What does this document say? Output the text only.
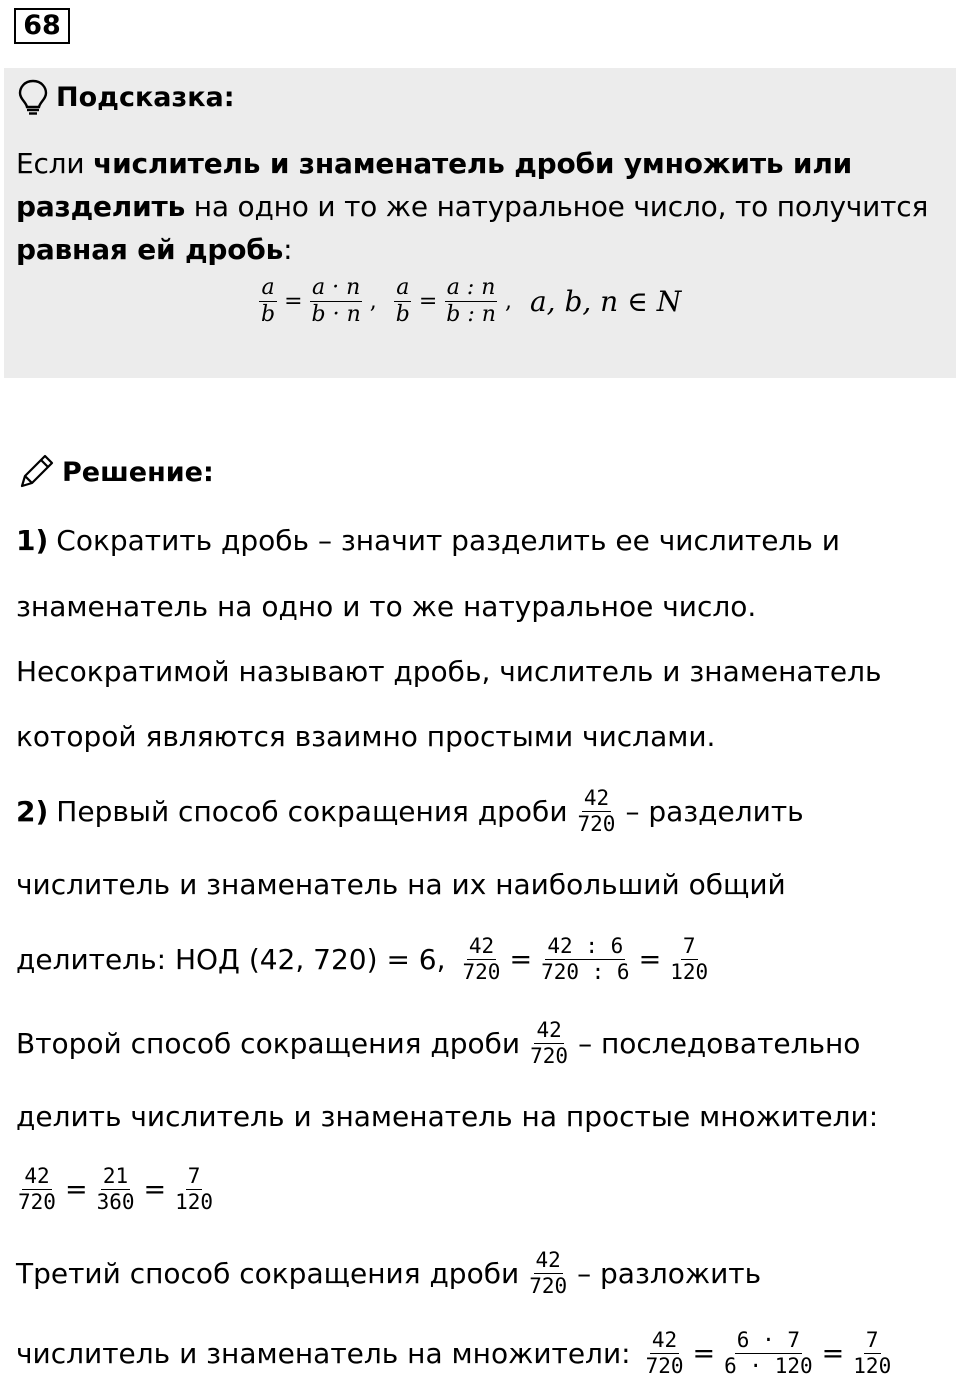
68
Подсказка:
Если числитель и знаменатель дроби умножить или разделить на одно и то же натуральное число, то получится равная ей дробь:
$\frac{a}{b} = \frac{a \cdot n}{b \cdot n}$ , $\frac{a}{b} = \frac{a : n}{b : n}$ , a, b, n ∈ N
Решение:
1) Сократить дробь – значит разделить ее числитель и
знаменатель на одно и то же натуральное число.
Несократимой называют дробь, числитель и знаменатель
которой являются взаимно простыми числами.
2) Первый способ сокращения дроби $\frac{42}{720}$ – разделить
числитель и знаменатель на их наибольший общий
делитель: НОД (42, 720) = 6, $\frac{42}{720} = \frac{42 : 6}{720 : 6} = \frac{7}{120}$
Второй способ сокращения дроби $\frac{42}{720}$ – последовательно
делить числитель и знаменатель на простые множители:
$\frac{42}{720} = \frac{21}{360} = \frac{7}{120}$
Третий способ сокращения дроби $\frac{42}{720}$ – разложить
числитель и знаменатель на множители: $\frac{42}{720} = \frac{6 \cdot 7}{6 \cdot 120} = \frac{7}{120}$
